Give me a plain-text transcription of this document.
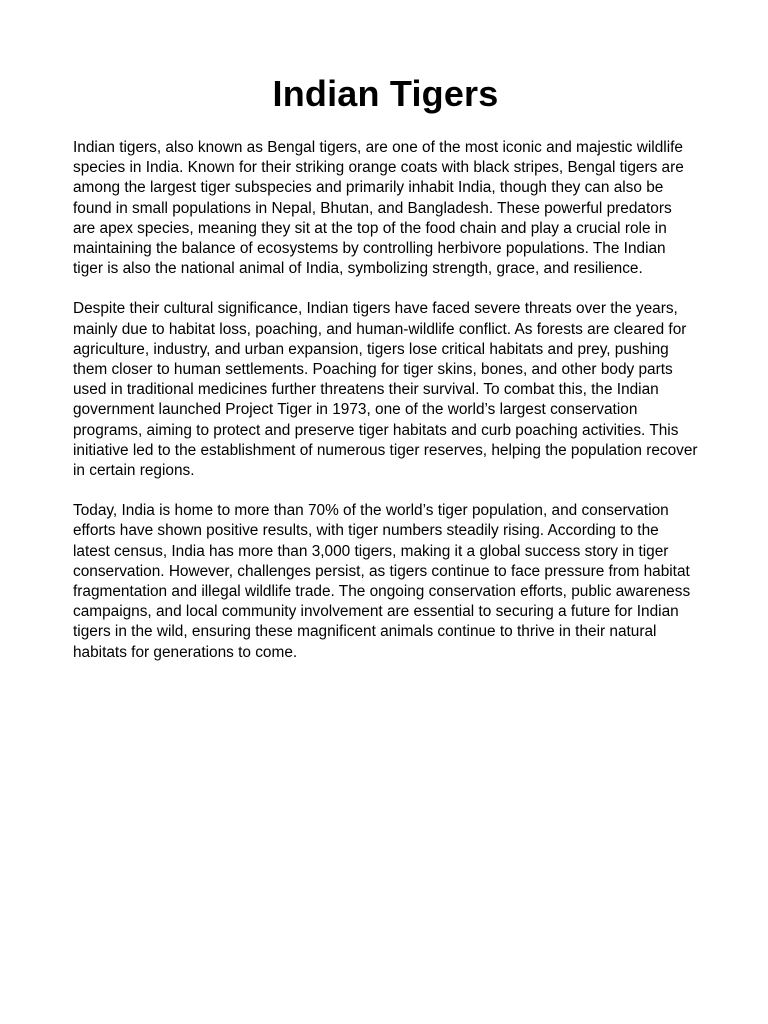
Indian Tigers

Indian tigers, also known as Bengal tigers, are one of the most iconic and majestic wildlife species in India. Known for their striking orange coats with black stripes, Bengal tigers are among the largest tiger subspecies and primarily inhabit India, though they can also be found in small populations in Nepal, Bhutan, and Bangladesh. These powerful predators are apex species, meaning they sit at the top of the food chain and play a crucial role in maintaining the balance of ecosystems by controlling herbivore populations. The Indian tiger is also the national animal of India, symbolizing strength, grace, and resilience.

Despite their cultural significance, Indian tigers have faced severe threats over the years, mainly due to habitat loss, poaching, and human-wildlife conflict. As forests are cleared for agriculture, industry, and urban expansion, tigers lose critical habitats and prey, pushing them closer to human settlements. Poaching for tiger skins, bones, and other body parts used in traditional medicines further threatens their survival. To combat this, the Indian government launched Project Tiger in 1973, one of the world’s largest conservation programs, aiming to protect and preserve tiger habitats and curb poaching activities. This initiative led to the establishment of numerous tiger reserves, helping the population recover in certain regions.

Today, India is home to more than 70% of the world’s tiger population, and conservation efforts have shown positive results, with tiger numbers steadily rising. According to the latest census, India has more than 3,000 tigers, making it a global success story in tiger conservation. However, challenges persist, as tigers continue to face pressure from habitat fragmentation and illegal wildlife trade. The ongoing conservation efforts, public awareness campaigns, and local community involvement are essential to securing a future for Indian tigers in the wild, ensuring these magnificent animals continue to thrive in their natural habitats for generations to come.
